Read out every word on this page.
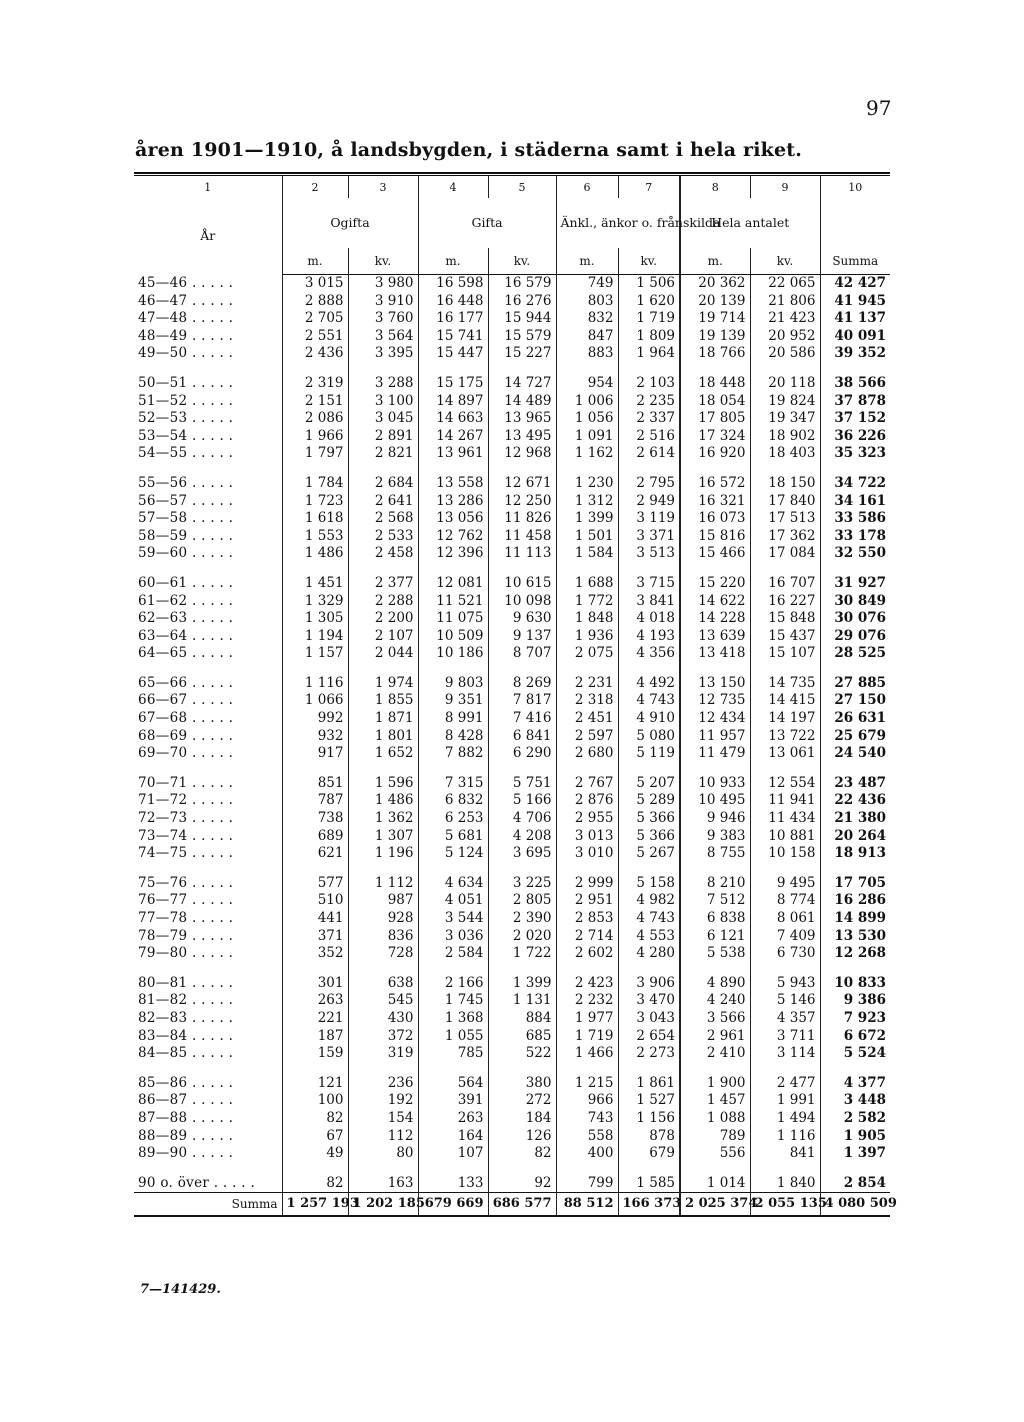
97
åren 1901—1910, å landsbygden, i städerna samt i hela riket.
1	2	3	4	5	6	7	8	9	10
År	Ogifta		Gifta		Änkl., änkor o. frånskilda		Hela antalet		
	m.	kv.	m.	kv.	m.	kv.	m.	kv.	Summa
45—46 . . . . .	3 015	3 980	16 598	16 579	749	1 506	20 362	22 065	42 427
46—47 . . . . .	2 888	3 910	16 448	16 276	803	1 620	20 139	21 806	41 945
47—48 . . . . .	2 705	3 760	16 177	15 944	832	1 719	19 714	21 423	41 137
48—49 . . . . .	2 551	3 564	15 741	15 579	847	1 809	19 139	20 952	40 091
49—50 . . . . .	2 436	3 395	15 447	15 227	883	1 964	18 766	20 586	39 352

50—51 . . . . .	2 319	3 288	15 175	14 727	954	2 103	18 448	20 118	38 566
51—52 . . . . .	2 151	3 100	14 897	14 489	1 006	2 235	18 054	19 824	37 878
52—53 . . . . .	2 086	3 045	14 663	13 965	1 056	2 337	17 805	19 347	37 152
53—54 . . . . .	1 966	2 891	14 267	13 495	1 091	2 516	17 324	18 902	36 226
54—55 . . . . .	1 797	2 821	13 961	12 968	1 162	2 614	16 920	18 403	35 323

55—56 . . . . .	1 784	2 684	13 558	12 671	1 230	2 795	16 572	18 150	34 722
56—57 . . . . .	1 723	2 641	13 286	12 250	1 312	2 949	16 321	17 840	34 161
57—58 . . . . .	1 618	2 568	13 056	11 826	1 399	3 119	16 073	17 513	33 586
58—59 . . . . .	1 553	2 533	12 762	11 458	1 501	3 371	15 816	17 362	33 178
59—60 . . . . .	1 486	2 458	12 396	11 113	1 584	3 513	15 466	17 084	32 550

60—61 . . . . .	1 451	2 377	12 081	10 615	1 688	3 715	15 220	16 707	31 927
61—62 . . . . .	1 329	2 288	11 521	10 098	1 772	3 841	14 622	16 227	30 849
62—63 . . . . .	1 305	2 200	11 075	9 630	1 848	4 018	14 228	15 848	30 076
63—64 . . . . .	1 194	2 107	10 509	9 137	1 936	4 193	13 639	15 437	29 076
64—65 . . . . .	1 157	2 044	10 186	8 707	2 075	4 356	13 418	15 107	28 525

65—66 . . . . .	1 116	1 974	9 803	8 269	2 231	4 492	13 150	14 735	27 885
66—67 . . . . .	1 066	1 855	9 351	7 817	2 318	4 743	12 735	14 415	27 150
67—68 . . . . .	992	1 871	8 991	7 416	2 451	4 910	12 434	14 197	26 631
68—69 . . . . .	932	1 801	8 428	6 841	2 597	5 080	11 957	13 722	25 679
69—70 . . . . .	917	1 652	7 882	6 290	2 680	5 119	11 479	13 061	24 540

70—71 . . . . .	851	1 596	7 315	5 751	2 767	5 207	10 933	12 554	23 487
71—72 . . . . .	787	1 486	6 832	5 166	2 876	5 289	10 495	11 941	22 436
72—73 . . . . .	738	1 362	6 253	4 706	2 955	5 366	9 946	11 434	21 380
73—74 . . . . .	689	1 307	5 681	4 208	3 013	5 366	9 383	10 881	20 264
74—75 . . . . .	621	1 196	5 124	3 695	3 010	5 267	8 755	10 158	18 913

75—76 . . . . .	577	1 112	4 634	3 225	2 999	5 158	8 210	9 495	17 705
76—77 . . . . .	510	987	4 051	2 805	2 951	4 982	7 512	8 774	16 286
77—78 . . . . .	441	928	3 544	2 390	2 853	4 743	6 838	8 061	14 899
78—79 . . . . .	371	836	3 036	2 020	2 714	4 553	6 121	7 409	13 530
79—80 . . . . .	352	728	2 584	1 722	2 602	4 280	5 538	6 730	12 268

80—81 . . . . .	301	638	2 166	1 399	2 423	3 906	4 890	5 943	10 833
81—82 . . . . .	263	545	1 745	1 131	2 232	3 470	4 240	5 146	9 386
82—83 . . . . .	221	430	1 368	884	1 977	3 043	3 566	4 357	7 923
83—84 . . . . .	187	372	1 055	685	1 719	2 654	2 961	3 711	6 672
84—85 . . . . .	159	319	785	522	1 466	2 273	2 410	3 114	5 524

85—86 . . . . .	121	236	564	380	1 215	1 861	1 900	2 477	4 377
86—87 . . . . .	100	192	391	272	966	1 527	1 457	1 991	3 448
87—88 . . . . .	82	154	263	184	743	1 156	1 088	1 494	2 582
88—89 . . . . .	67	112	164	126	558	878	789	1 116	1 905
89—90 . . . . .	49	80	107	82	400	679	556	841	1 397

90 o. över . . . . .	82	163	133	92	799	1 585	1 014	1 840	2 854
Summa	1 257 193	1 202 185	679 669	686 577	88 512	166 373	2 025 374	2 055 135	4 080 509
7—141429.
